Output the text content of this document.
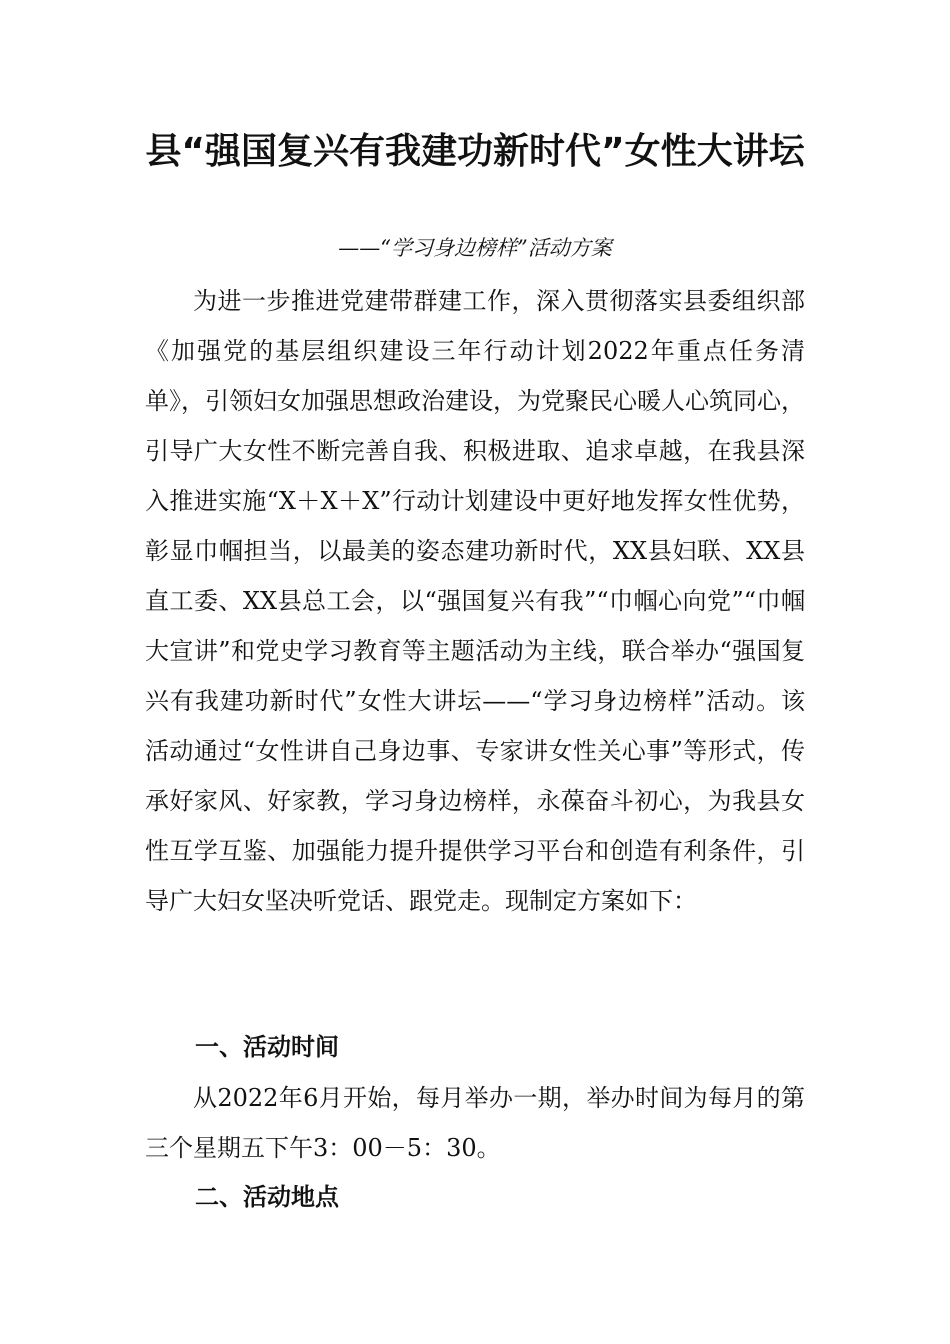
县“强国复兴有我建功新时代”女性大讲坛
——“学习身边榜样”活动方案

为进一步推进党建带群建工作，深入贯彻落实县委组织部《加强党的基层组织建设三年行动计划2022年重点任务清单》，引领妇女加强思想政治建设，为党聚民心暖人心筑同心，引导广大女性不断完善自我、积极进取、追求卓越，在我县深入推进实施“X＋X＋X”行动计划建设中更好地发挥女性优势，彰显巾帼担当，以最美的姿态建功新时代，XX县妇联、XX县直工委、XX县总工会，以“强国复兴有我”“巾帼心向党”“巾帼大宣讲”和党史学习教育等主题活动为主线，联合举办“强国复兴有我建功新时代”女性大讲坛——“学习身边榜样”活动。该活动通过“女性讲自己身边事、专家讲女性关心事”等形式，传承好家风、好家教，学习身边榜样，永葆奋斗初心，为我县女性互学互鉴、加强能力提升提供学习平台和创造有利条件，引导广大妇女坚决听党话、跟党走。现制定方案如下：

一、活动时间

从2022年6月开始，每月举办一期，举办时间为每月的第三个星期五下午3：00－5：30。

二、活动地点
